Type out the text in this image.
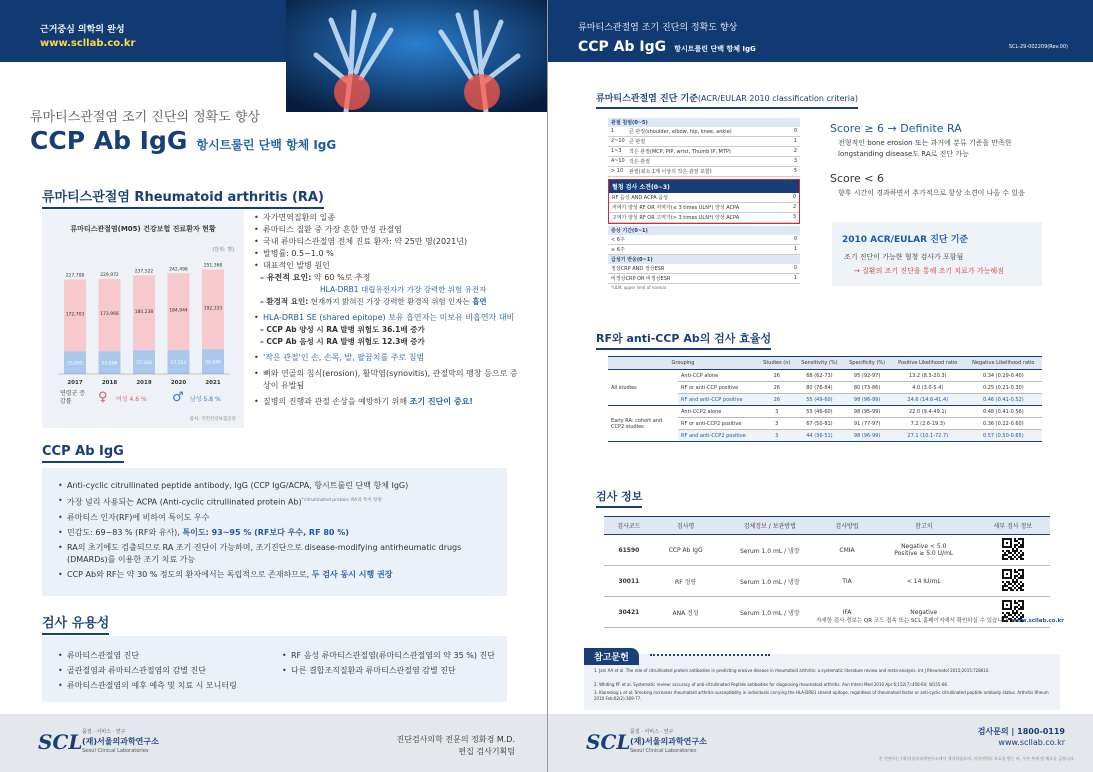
근거중심 의학의 완성
www.scllab.co.kr
류마티스관절염 조기 진단의 정확도 향상
CCP Ab IgG 항시트룰린 단백 항체 IgG
류마티스관절염 Rheumatoid arthritis (RA)
류마티스관절염(M05) 건강보험 진료환자 현황
(단위: 명)
227,708
172,703
55,005
2017
229,972
173,966
55,006
2018
237,522
180,238
57,284
2019
242,498
184,944
57,554
2020
251,368
192,333
59,046
2021
연령군 증감률	♀ 여성 4.6 % ♂ 남성 5.8 %
출처: 국민건강보험공단
• 자가면역질환의 일종
• 류마티스 질환 중 가장 흔한 만성 관절염
• 국내 류마티스관절염 전체 진료 환자: 약 25만 명(2021년)
• 발병률: 0.5~1.0 %
• 대표적인 발병 원인
– 유전적 요인: 약 60 %로 추정
HLA-DRB1 대립유전자가 가장 강력한 위험 유전자
– 환경적 요인: 현재까지 밝혀진 가장 강력한 환경적 위험 인자는 흡연
• HLA-DRB1 SE (shared epitope) 보유 흡연자는 미보유 비흡연자 대비
– CCP Ab 양성 시 RA 발병 위험도 36.1배 증가
– CCP Ab 음성 시 RA 발병 위험도 12.3배 증가
• '작은 관절'인 손, 손목, 발, 팔꿈치를 주로 침범
• 뼈와 연골의 침식(erosion), 활막염(synovitis), 관절막의 팽창 등으로 증상이 유발됨
• 질병의 진행과 관절 손상을 예방하기 위해 조기 진단이 중요!
CCP Ab IgG
• Anti-cyclic citrullinated peptide antibody, IgG (CCP IgG/ACPA, 항시트룰린 단백 항체 IgG)
• 가장 널리 사용되는 ACPA (Anti-cyclic citrullinated protein Ab)$^{*citrullinated protein: RA의 특이 항원}$
• 류마티스 인자(RF)에 비하여 특이도 우수
• 민감도: 69~83 % (RF와 유사), 특이도: 93~95 % (RF보다 우수, RF 80 %)
• RA의 초기에도 검출되므로 RA 조기 진단이 가능하며, 조기진단으로 disease-modifying antirheumatic drugs (DMARDs)를 이용한 조기 치료 가능
• CCP Ab와 RF는 약 30 % 정도의 환자에서는 독립적으로 존재하므로, 두 검사 동시 시행 권장
검사 유용성
• 류마티스관절염 진단
• 골관절염과 류마티스관절염의 감별 진단
• 류마티스관절염의 예후 예측 및 치료 시 모니터링
• RF 음성 류마티스관절염(류마티스관절염의 약 35 %) 진단
• 다른 결합조직질환과 류마티스관절염 감별 진단
SCL 품질 · 서비스 · 연구
(재)서울의과학연구소
Seoul Clinical Laboratories
진단검사의학 전문의 정화경 M.D.
편집 검사기획팀
류마티스관절염 조기 진단의 정확도 향상
CCP Ab IgG 항시트룰린 단백 항체 IgG	SCL-29-002209(Rev.00)
류마티스관절염 진단 기준(ACR/EULAR 2010 classification criteria)
관절 침범(0~5)
1	큰 관절(shoulder, elbow, hip, knee, ankle)	0
2~10 큰 관절	1
1~3	작은 관절(MCP, PIP, wrist, Thumb IP, MTP)	2
4~10 작은 관절	3
> 10	관절(최소 1개 이상의 작은 관절 포함)	5
혈청 검사 소견(0~3)
RF 음성 AND ACPA 음성	0
저역가 양성 RF OR 저역가(≤ 3 times ULN*) 양성 ACPA	2
고역가 양성 RF OR 고역가(> 3 times ULN*) 양성 ACPA	3
증상 기간(0~1)
< 6주	0
≥ 6주	1
급성기 반응(0~1)
정상CRP AND 정상ESR	0
비정상CRP OR 비정상ESR	1
*ULN: upper limit of normal
Score ≥ 6 → Definite RA
전형적인 bone erosion 또는 과거에 분류 기준을 만족한 longstanding disease도 RA로 진단 가능
Score < 6
향후 시간이 경과하면서 추가적으로 항상 소견이 나올 수 있음
2010 ACR/EULAR 진단 기준
조기 진단이 가능한 혈청 검사가 포함됨
→ 질환의 조기 진단을 통해 조기 치료가 가능해짐
RF와 anti-CCP Ab의 검사 효율성
Grouping		Studies (n)	Sensitivity (%)	Specificity (%)	Positive Likelihood ratio	Negative Likelihood ratio
All studies	Anti-CCP alone	26	68 (62-73)	95 (92-97)	13.2 (8.3-20.3)	0.34 (0.29-0.40)
	RF or anti-CCP positive	26	80 (76-84)	80 (73-86)	4.0 (3.0-5.4)	0.25 (0.21-0.30)
	RF and anti-CCP positive	26	55 (49-60)	98 (96-99)	24.6 (14.6-41.4)	0.46 (0.41-0.52)
Early RA: cohort and CCP2 studies	Anti-CCP2 alone	3	53 (46-60)	98 (95-99)	22.0 (9.4-49.1)	0.48 (0.41-0.56)
	RF or anti-CCP2 positive	3	67 (50-81)	91 (77-97)	7.2 (2.6-19.3)	0.36 (0.22-0.60)
	RF and anti-CCP2 positive	3	44 (36-51)	98 (96-99)	27.1 (10.1-72.7)	0.57 (0.50-0.65)
검사 정보
검사코드	검사명	검체정보 / 보관방법	검사방법	참고치	세부 검사 정보
61590	CCP Ab IgG	Serum 1.0 mL / 냉장	CMIA	Negative < 5.0
Positive ≥ 5.0 U/mL	
30011	RF 정량	Serum 1.0 mL / 냉장	TIA	< 14 IU/mL	
30421	ANA 정성	Serum 1.0 mL / 냉장	IFA	Negative	
자세한 검사 정보는 QR 코드 접속 또는 SCL 홈페이지에서 확인하실 수 있습니다. www.scllab.co.kr
참고문헌
1. Jani AA et al. The role of citrullinated protein antibodies in predicting erosive disease in rheumatoid arthritis: a systematic literature review and meta-analysis. Int J Rheumatol 2015;2015:728610.
2. Whiting PF et al. Systematic review: accuracy of anti-citrullinated Peptide antibodies for diagnosing rheumatoid arthritis. Ann Intern Med 2010 Apr 6;152(7):456-64; W155-66.
3. Klareskog L et al. Smoking increases rheumatoid arthritis susceptibility in individuals carrying the HLA-DRB1 shared epitope, regardless of rheumatoid factor or anti-cyclic citrullinated peptide antibody status. Arthritis Rheum 2010 Feb;62(2):369-77.
SCL 품질 · 서비스 · 연구
(재)서울의과학연구소
Seoul Clinical Laboratories
검사문의 | 1800-0119
www.scllab.co.kr
본 컨텐츠는 (재)서울의과학연구소에서 제작하였으며, 저작권법의 보호를 받는 바, 무단 복제 및 배포를 금합니다.
